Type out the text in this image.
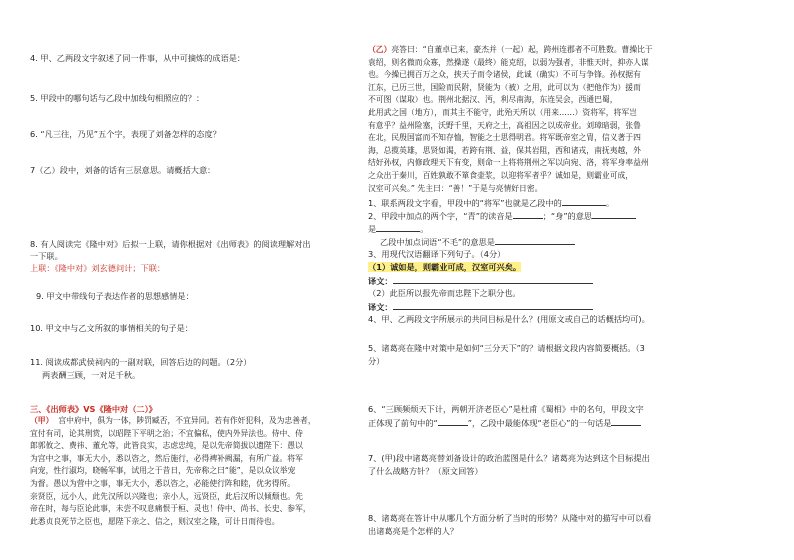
4. 甲、乙两段文字叙述了同一件事，从中可摘炼的成语是：
5. 甲段中的哪句话与乙段中加线句相照应的？：
6. “凡三往，乃见”五个字，表现了刘备怎样的态度？
7（乙）段中，刘备的话有三层意思。请概括大意：
8. 有人阅读完《隆中对》后拟一上联，请你根据对《出师表》的阅读理解对出
一下联。
上联：《隆中对》刘玄德问计；下联：
9. 甲文中带线句子表达作者的思想感情是：
10. 甲文中与乙文所叙的事情相关的句子是：
11. 阅读成都武侯祠内的一副对联，回答后边的问题。（2分）
两表酬三顾，一对足千秋。
三、《出师表》VS《隆中对（二）》
（甲） 宫中府中，俱为一体，陟罚臧否，不宜异同。若有作奸犯科，及为忠善者，
宜付有司，论其刑赏，以昭陛下平明之治；不宜偏私，使内外异法也。侍中、侍
郎郭攸之、费祎、董允等，此皆良实，志虑忠纯，是以先帝简拔以遗陛下：愚以
为宫中之事，事无大小，悉以咨之，然后施行，必得裨补阙漏，有所广益。将军
向宠，性行淑均，晓畅军事，试用之于昔日，先帝称之曰“能”，是以众议举宠
为督。愚以为营中之事，事无大小，悉以咨之，必能使行阵和睦，优劣得所。
亲贤臣，远小人，此先汉所以兴隆也；亲小人，远贤臣，此后汉所以倾颓也。先
帝在时，每与臣论此事，未尝不叹息痛恨于桓、灵也！侍中、尚书、长史、参军，
此悉贞良死节之臣也，愿陛下亲之、信之，则汉室之隆，可计日而待也。
（乙）亮答曰：“自董卓已来，豪杰并（一起）起，跨州连郡者不可胜数。曹操比于
袁绍，则名微而众寡，然操遂（最终）能克绍，以弱为强者，非惟天时，抑亦人谋
也。今操已拥百万之众，挟天子而令诸侯，此诚（确实）不可与争锋。孙权据有
江东，已历三世，国险而民附，贤能为（被）之用，此可以为（把他作为）援而
不可图（谋取）也。荆州北据汉、沔，利尽南海，东连吴会，西通巴蜀，
此用武之国（地方），而其主不能守，此殆天所以（用来……）资将军，将军岂
有意乎？益州险塞，沃野千里，天府之土，高祖因之以成帝业。刘璋暗弱，张鲁
在北，民殷国富而不知存恤，智能之士思得明君。将军既帝室之胄，信义著于四
海，总揽英雄，思贤如渴，若跨有荆、益，保其岩阻，西和诸戎，南抚夷越，外
结好孙权，内修政理天下有变，则命一上将将荆州之军以向宛、洛，将军身率益州
之众出于秦川，百姓孰敢不箪食壶浆，以迎将军者乎？诚如是，则霸业可成，
汉室可兴矣。” 先主曰：“善！”于是与亮情好日密。
1、联系两段文字看，甲段中的“将军”也就是乙段中的	。
2、甲段中加点的两个字，“青”的读音是	；“身”的意思
是	。
乙段中加点词语“不毛”的意思是
3、用现代汉语翻译下列句子。（4分）
（1）诚如是，则霸业可成，汉室可兴矣。
译文：
（2）此臣所以报先帝而忠陛下之职分也。
译文：
4、甲、乙两段文字所展示的共同目标是什么？(用原文或自己的话概括均可)。
5、诸葛亮在隆中对策中是如何“三分天下”的？请根据文段内容简要概括。（3
分）
6、“三顾频烦天下计，两朝开济老臣心”是杜甫《蜀相》中的名句，甲段文字
正体现了前句中的“	”，乙段中最能体现“老臣心”的一句话是
7、(甲)段中诸葛亮替刘备设计的政治蓝图是什么？诸葛亮为达到这个目标提出
了什么战略方针？（原文回答）
8、诸葛亮在答计中从哪几个方面分析了当时的形势？从隆中对的描写中可以看
出诸葛亮是个怎样的人？
